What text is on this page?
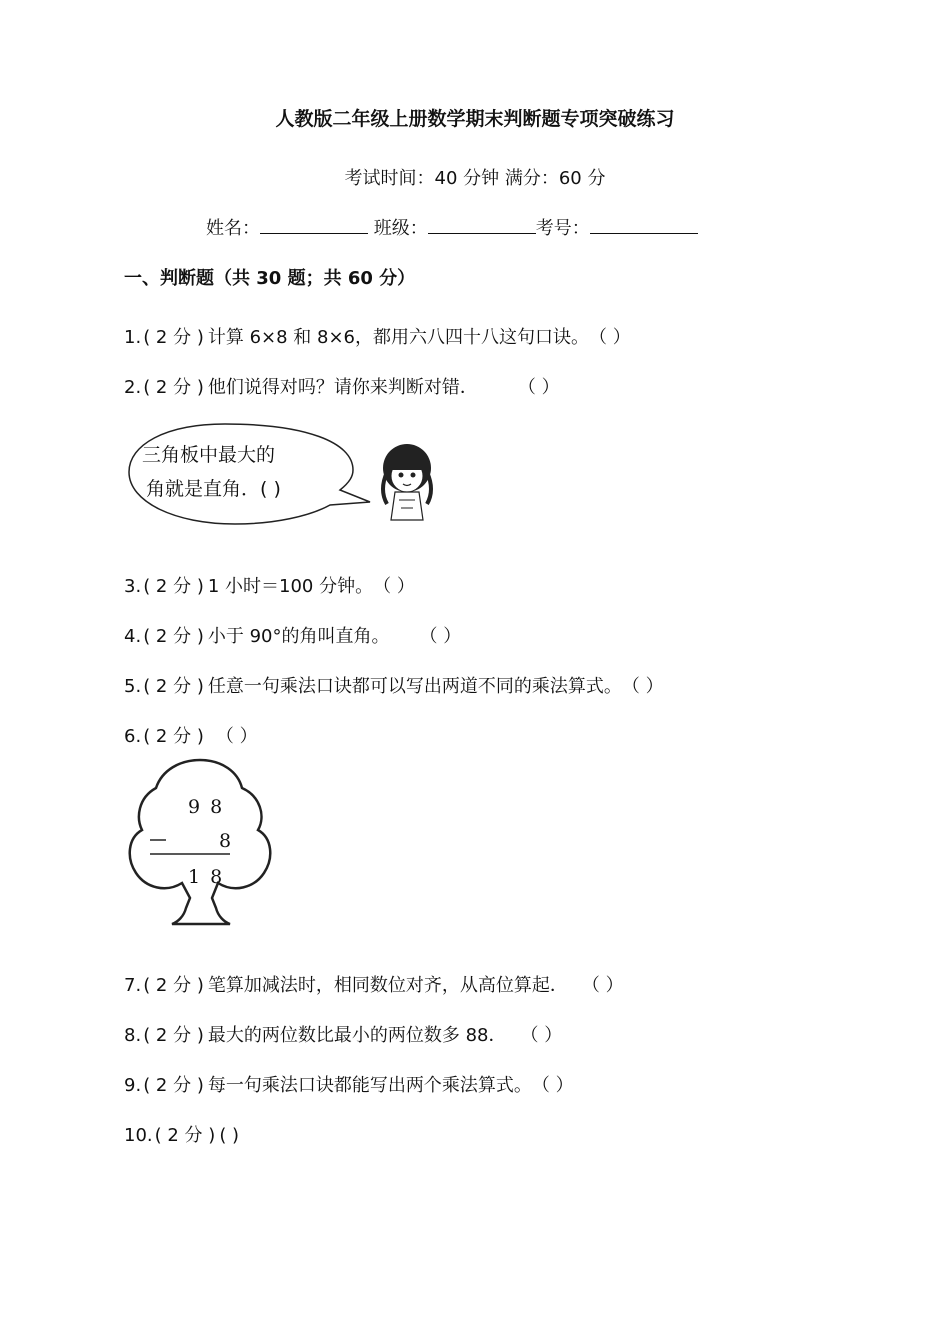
人教版二年级上册数学期末判断题专项突破练习
考试时间：40 分钟 满分：60 分
姓名：	班级：	考号：
一、判断题（共 30 题；共 60 分）
1. ( 2 分 ) 计算 6×8 和 8×6，都用六八四十八这句口诀。（ ）
2. ( 2 分 ) 他们说得对吗？请你来判断对错． （ ）
三角板中最大的
角就是直角．( )
3. ( 2 分 ) 1 小时＝100 分钟。（ ）
4. ( 2 分 ) 小于 90°的角叫直角。 （ ）
5. ( 2 分 ) 任意一句乘法口诀都可以写出两道不同的乘法算式。（ ）
6. ( 2 分 ) （ ）
9 8
8
1 8
7. ( 2 分 ) 笔算加减法时，相同数位对齐，从高位算起． （ ）
8. ( 2 分 ) 最大的两位数比最小的两位数多 88． （ ）
9. ( 2 分 ) 每一句乘法口诀都能写出两个乘法算式。（ ）
10. ( 2 分 ) ( )
